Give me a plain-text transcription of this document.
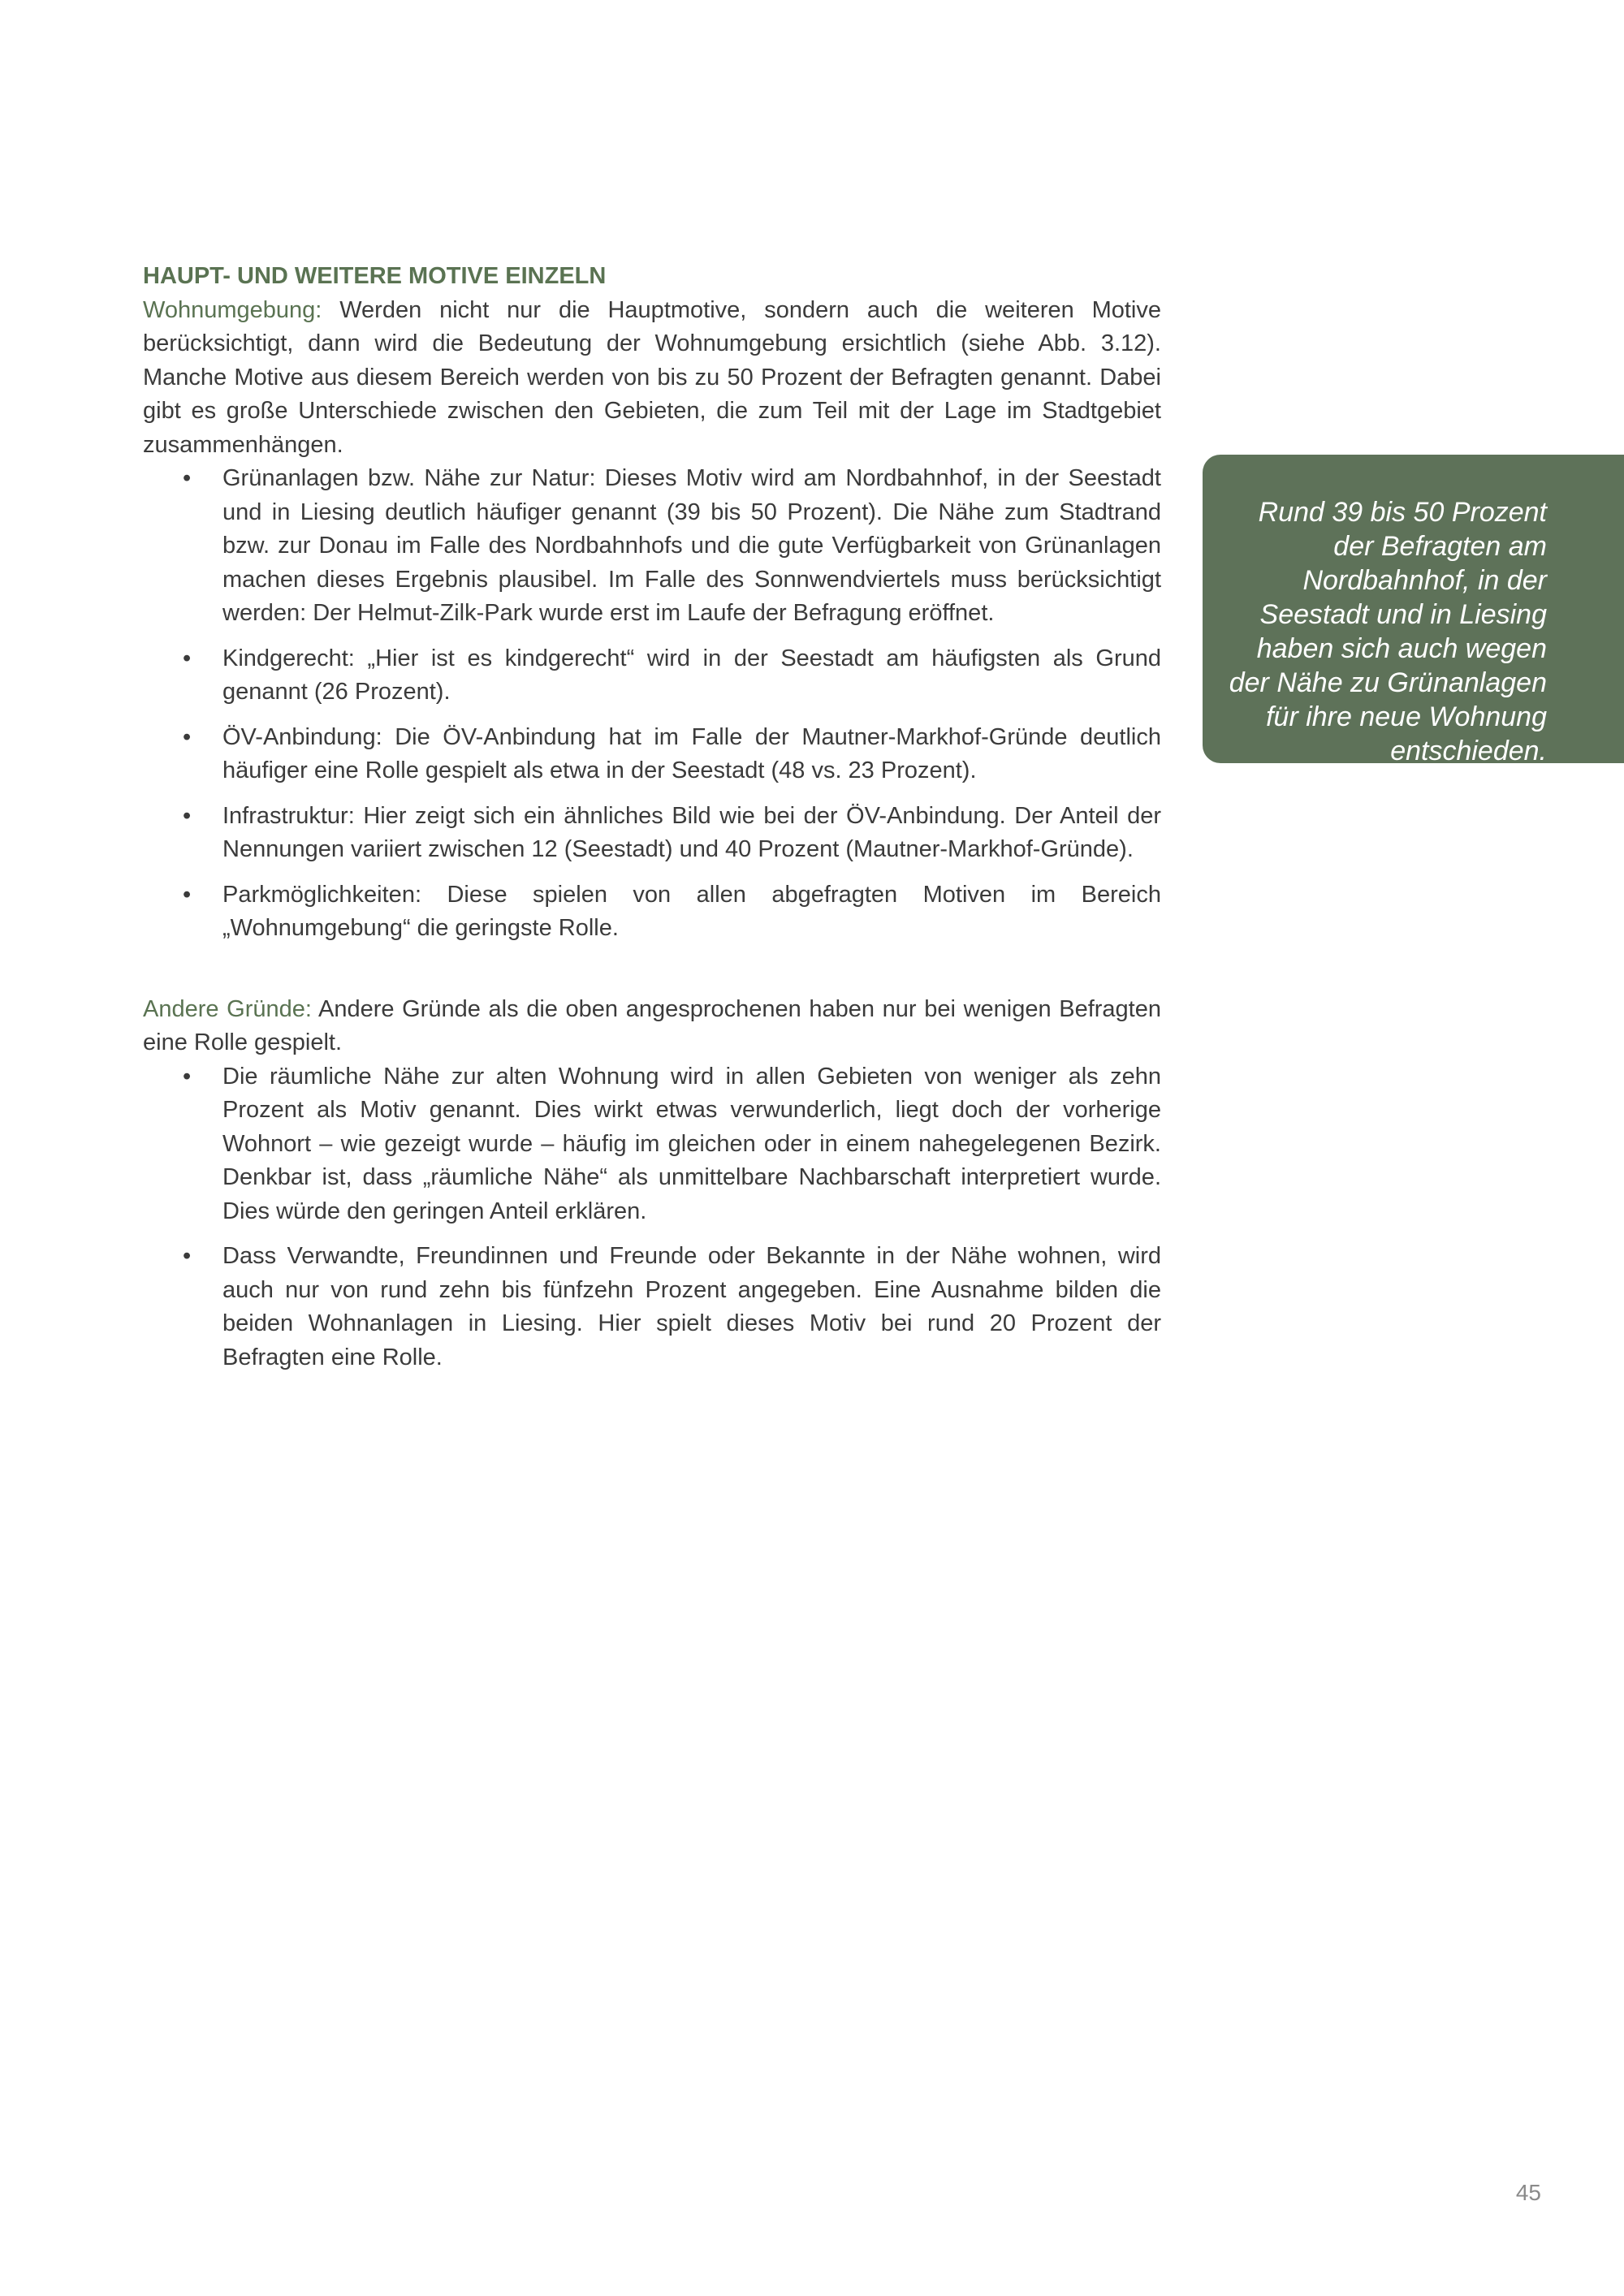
HAUPT- UND WEITERE MOTIVE EINZELN

Wohnumgebung: Werden nicht nur die Hauptmotive, sondern auch die weiteren Motive berücksichtigt, dann wird die Bedeutung der Wohnumgebung ersichtlich (siehe Abb. 3.12). Manche Motive aus diesem Bereich werden von bis zu 50 Prozent der Befragten genannt. Dabei gibt es große Unterschiede zwischen den Gebieten, die zum Teil mit der Lage im Stadtgebiet zusammenhängen.

• Grünanlagen bzw. Nähe zur Natur: Dieses Motiv wird am Nordbahnhof, in der Seestadt und in Liesing deutlich häufiger genannt (39 bis 50 Prozent). Die Nähe zum Stadtrand bzw. zur Donau im Falle des Nordbahnhofs und die gute Verfügbarkeit von Grünanlagen machen dieses Ergebnis plausibel. Im Falle des Sonnwendviertels muss berücksichtigt werden: Der Helmut-Zilk-Park wurde erst im Laufe der Befragung eröffnet.
• Kindgerecht: „Hier ist es kindgerecht“ wird in der Seestadt am häufigsten als Grund genannt (26 Prozent).
• ÖV-Anbindung: Die ÖV-Anbindung hat im Falle der Mautner-Markhof-Gründe deutlich häufiger eine Rolle gespielt als etwa in der Seestadt (48 vs. 23 Prozent).
• Infrastruktur: Hier zeigt sich ein ähnliches Bild wie bei der ÖV-Anbindung. Der Anteil der Nennungen variiert zwischen 12 (Seestadt) und 40 Prozent (Mautner-Markhof-Gründe).
• Parkmöglichkeiten: Diese spielen von allen abgefragten Motiven im Bereich „Wohnumgebung“ die geringste Rolle.

Andere Gründe: Andere Gründe als die oben angesprochenen haben nur bei wenigen Befragten eine Rolle gespielt.

• Die räumliche Nähe zur alten Wohnung wird in allen Gebieten von weniger als zehn Prozent als Motiv genannt. Dies wirkt etwas verwunderlich, liegt doch der vorherige Wohnort – wie gezeigt wurde – häufig im gleichen oder in einem nahegelegenen Bezirk. Denkbar ist, dass „räumliche Nähe“ als unmittelbare Nachbarschaft interpretiert wurde. Dies würde den geringen Anteil erklären.
• Dass Verwandte, Freundinnen und Freunde oder Bekannte in der Nähe wohnen, wird auch nur von rund zehn bis fünfzehn Prozent angegeben. Eine Ausnahme bilden die beiden Wohnanlagen in Liesing. Hier spielt dieses Motiv bei rund 20 Prozent der Befragten eine Rolle.
Rund 39 bis 50 Prozent der Befragten am Nordbahnhof, in der Seestadt und in Liesing haben sich auch wegen der Nähe zu Grünanlagen für ihre neue Wohnung entschieden.
45
